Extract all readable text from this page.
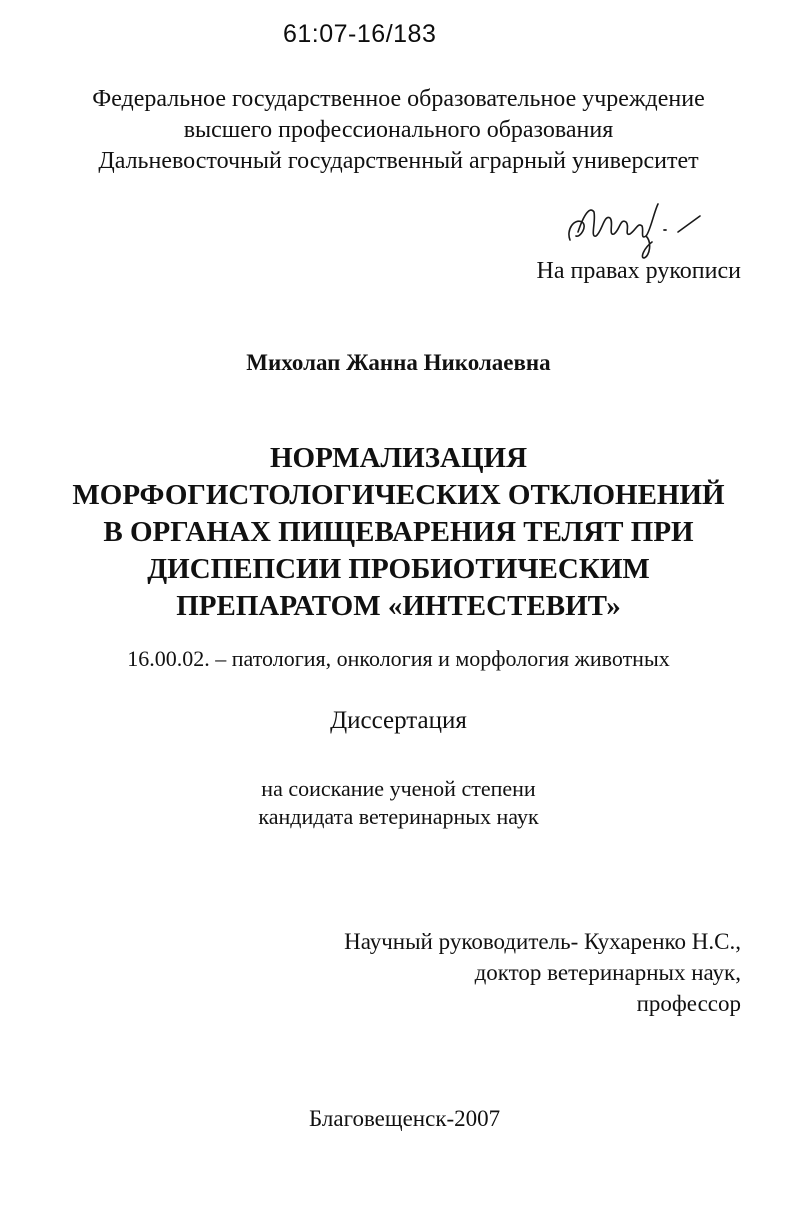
61:07-16/183
Федеральное государственное образовательное учреждение
высшего профессионального образования
Дальневосточный государственный аграрный университет
На правах рукописи
Михолап Жанна Николаевна
НОРМАЛИЗАЦИЯ
МОРФОГИСТОЛОГИЧЕСКИХ ОТКЛОНЕНИЙ
В ОРГАНАХ ПИЩЕВАРЕНИЯ ТЕЛЯТ ПРИ
ДИСПЕПСИИ ПРОБИОТИЧЕСКИМ
ПРЕПАРАТОМ «ИНТЕСТЕВИТ»
16.00.02. – патология, онкология и морфология животных
Диссертация
на соискание ученой степени
кандидата ветеринарных наук
Научный руководитель- Кухаренко Н.С.,
доктор ветеринарных наук,
профессор
Благовещенск-2007
